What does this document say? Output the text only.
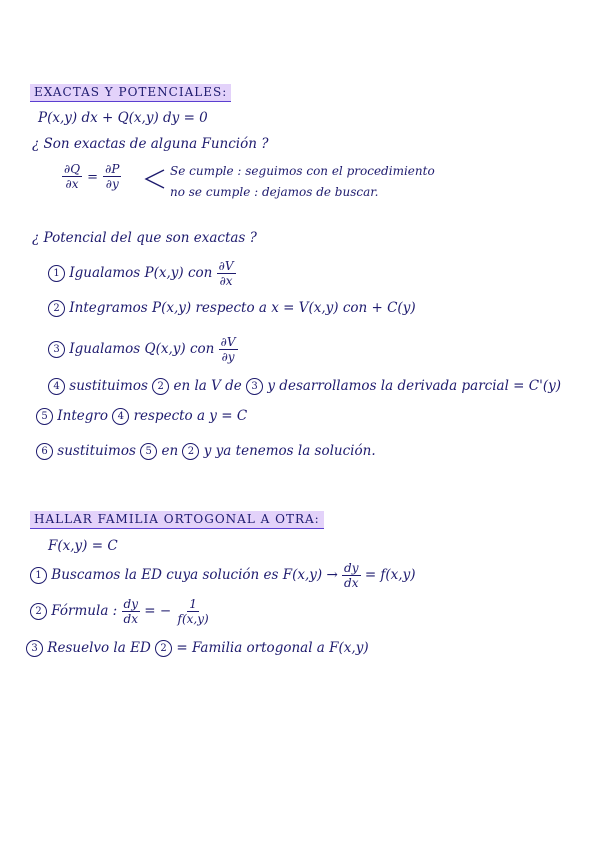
EXACTAS Y POTENCIALES:
P(x,y) dx + Q(x,y) dy = 0
¿ Son exactas de alguna Función ?
$\frac{\partial Q}{\partial x} = \frac{\partial P}{\partial y}$	Se cumple : seguimos con el procedimiento
no se cumple : dejamos de buscar.
¿ Potencial del que son exactas ?
1 Igualamos P(x,y) con $\frac{\partial V}{\partial x}$
2 Integramos P(x,y) respecto a x = V(x,y) con + C(y)
3 Igualamos Q(x,y) con $\frac{\partial V}{\partial y}$
4 sustituimos 2 en la V de 3 y desarrollamos la derivada parcial = C'(y)
5 Integro 4 respecto a y = C
6 sustituimos 5 en 2 y ya tenemos la solución.
HALLAR FAMILIA ORTOGONAL A OTRA:
F(x,y) = C
1 Buscamos la ED cuya solución es $F(x,y) \to \frac{dy}{dx} = f(x,y)$
2 Fórmula : $\frac{dy}{dx}$ = − $\frac{1}{f(x,y)}$
3 Resuelvo la ED 2 = Familia ortogonal a F(x,y)
